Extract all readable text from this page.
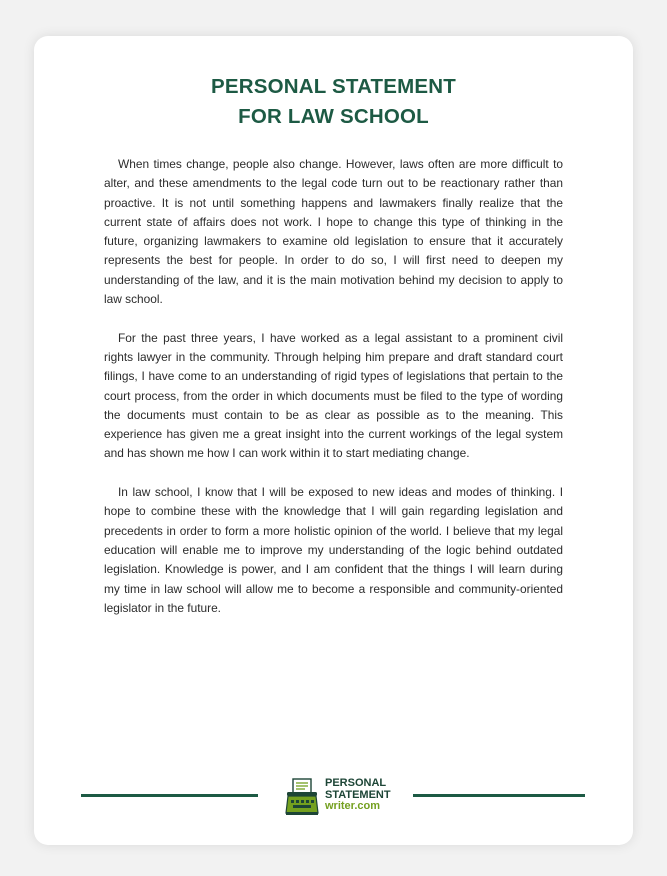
PERSONAL STATEMENT
FOR LAW SCHOOL

When times change, people also change. However, laws often are more difficult to alter, and these amendments to the legal code turn out to be reactionary rather than proactive. It is not until something happens and lawmakers finally realize that the current state of affairs does not work. I hope to change this type of thinking in the future, organizing lawmakers to examine old legislation to ensure that it accurately represents the best for people. In order to do so, I will first need to deepen my understanding of the law, and it is the main motivation behind my decision to apply to law school.

For the past three years, I have worked as a legal assistant to a prominent civil rights lawyer in the community. Through helping him prepare and draft standard court filings, I have come to an understanding of rigid types of legislations that pertain to the court process, from the order in which documents must be filed to the type of wording the documents must contain to be as clear as possible as to the meaning. This experience has given me a great insight into the current workings of the legal system and has shown me how I can work within it to start mediating change.

In law school, I know that I will be exposed to new ideas and modes of thinking. I hope to combine these with the knowledge that I will gain regarding legislation and precedents in order to form a more holistic opinion of the world. I believe that my legal education will enable me to improve my understanding of the logic behind outdated legislation. Knowledge is power, and I am confident that the things I will learn during my time in law school will allow me to become a responsible and community-oriented legislator in the future.

PERSONAL
STATEMENT
writer.com
